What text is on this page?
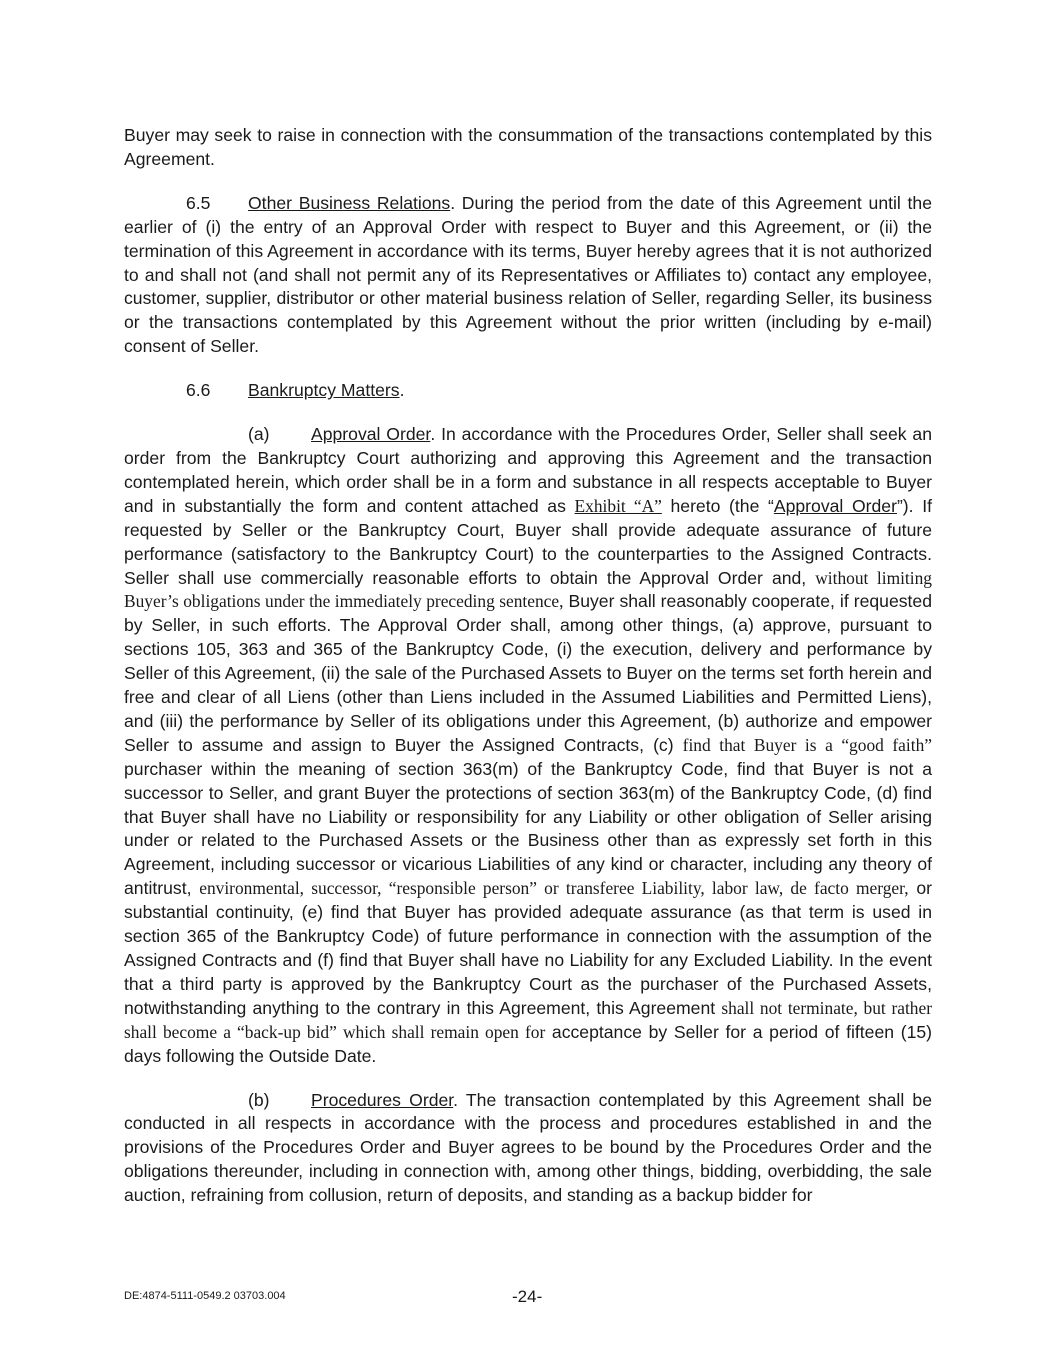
Buyer may seek to raise in connection with the consummation of the transactions contemplated by this Agreement.

6.5 Other Business Relations. During the period from the date of this Agreement until the earlier of (i) the entry of an Approval Order with respect to Buyer and this Agreement, or (ii) the termination of this Agreement in accordance with its terms, Buyer hereby agrees that it is not authorized to and shall not (and shall not permit any of its Representatives or Affiliates to) contact any employee, customer, supplier, distributor or other material business relation of Seller, regarding Seller, its business or the transactions contemplated by this Agreement without the prior written (including by e-mail) consent of Seller.

6.6 Bankruptcy Matters.

(a) Approval Order. In accordance with the Procedures Order, Seller shall seek an order from the Bankruptcy Court authorizing and approving this Agreement and the transaction contemplated herein, which order shall be in a form and substance in all respects acceptable to Buyer and in substantially the form and content attached as Exhibit “A” hereto (the “Approval Order”). If requested by Seller or the Bankruptcy Court, Buyer shall provide adequate assurance of future performance (satisfactory to the Bankruptcy Court) to the counterparties to the Assigned Contracts. Seller shall use commercially reasonable efforts to obtain the Approval Order and, without limiting Buyer’s obligations under the immediately preceding sentence, Buyer shall reasonably cooperate, if requested by Seller, in such efforts. The Approval Order shall, among other things, (a) approve, pursuant to sections 105, 363 and 365 of the Bankruptcy Code, (i) the execution, delivery and performance by Seller of this Agreement, (ii) the sale of the Purchased Assets to Buyer on the terms set forth herein and free and clear of all Liens (other than Liens included in the Assumed Liabilities and Permitted Liens), and (iii) the performance by Seller of its obligations under this Agreement, (b) authorize and empower Seller to assume and assign to Buyer the Assigned Contracts, (c) find that Buyer is a “good faith” purchaser within the meaning of section 363(m) of the Bankruptcy Code, find that Buyer is not a successor to Seller, and grant Buyer the protections of section 363(m) of the Bankruptcy Code, (d) find that Buyer shall have no Liability or responsibility for any Liability or other obligation of Seller arising under or related to the Purchased Assets or the Business other than as expressly set forth in this Agreement, including successor or vicarious Liabilities of any kind or character, including any theory of antitrust, environmental, successor, “responsible person” or transferee Liability, labor law, de facto merger, or substantial continuity, (e) find that Buyer has provided adequate assurance (as that term is used in section 365 of the Bankruptcy Code) of future performance in connection with the assumption of the Assigned Contracts and (f) find that Buyer shall have no Liability for any Excluded Liability. In the event that a third party is approved by the Bankruptcy Court as the purchaser of the Purchased Assets, notwithstanding anything to the contrary in this Agreement, this Agreement shall not terminate, but rather shall become a “back-up bid” which shall remain open for acceptance by Seller for a period of fifteen (15) days following the Outside Date.

(b) Procedures Order. The transaction contemplated by this Agreement shall be conducted in all respects in accordance with the process and procedures established in and the provisions of the Procedures Order and Buyer agrees to be bound by the Procedures Order and the obligations thereunder, including in connection with, among other things, bidding, overbidding, the sale auction, refraining from collusion, return of deposits, and standing as a backup bidder for

DE:4874-5111-0549.2 03703.004	-24-
